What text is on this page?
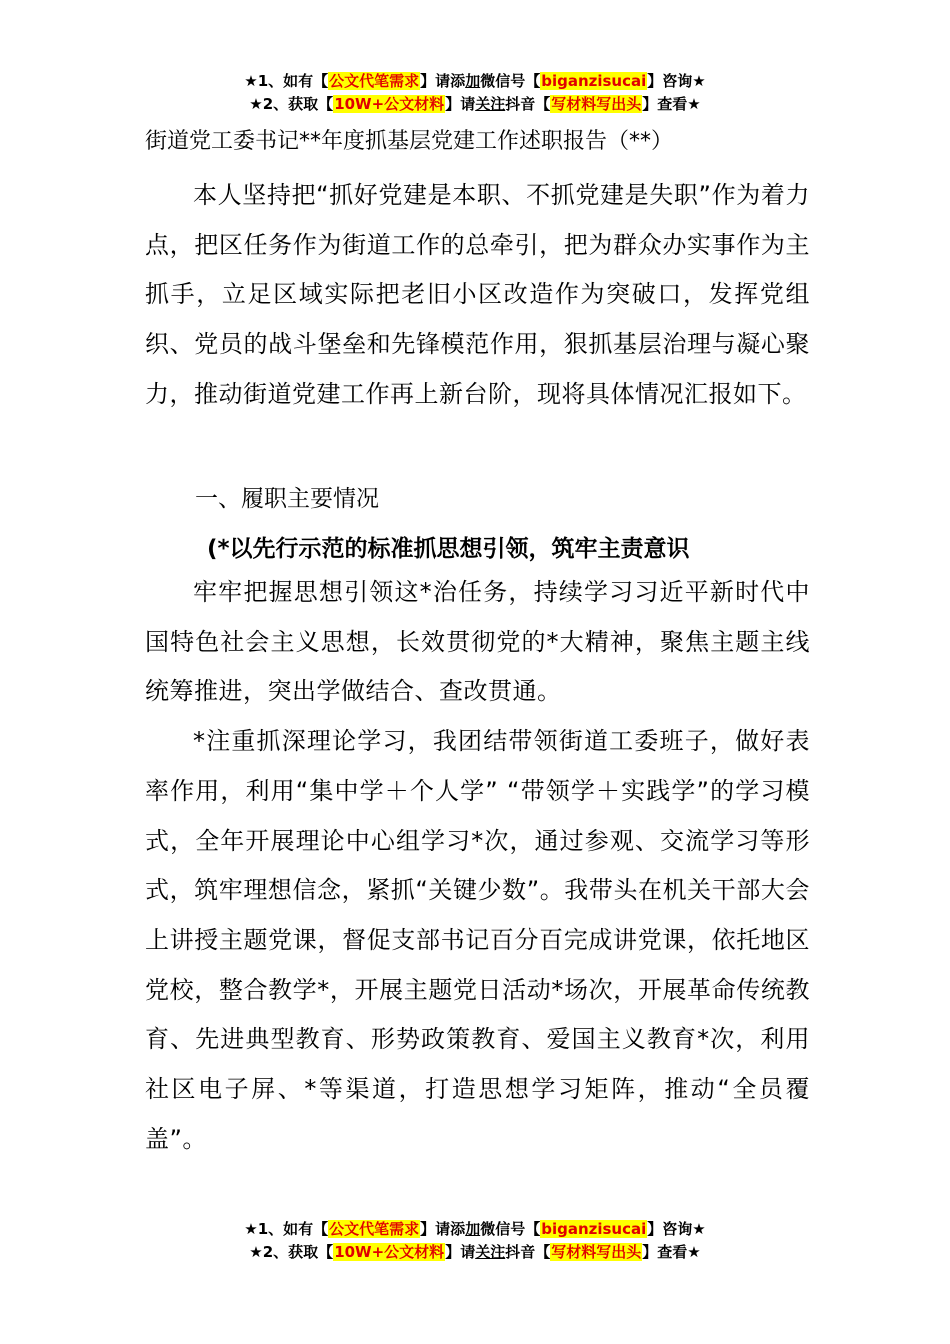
★1、如有【公文代笔需求】请添加微信号【biganzisucai】咨询★
★2、获取【10W+公文材料】请关注抖音【写材料写出头】查看★
街道党工委书记**年度抓基层党建工作述职报告（**）

本人坚持把“抓好党建是本职、不抓党建是失职”作为着力点，把区任务作为街道工作的总牵引，把为群众办实事作为主抓手，立足区域实际把老旧小区改造作为突破口，发挥党组织、党员的战斗堡垒和先锋模范作用，狠抓基层治理与凝心聚力，推动街道党建工作再上新台阶，现将具体情况汇报如下。

一、履职主要情况
(*以先行示范的标准抓思想引领，筑牢主责意识

牢牢把握思想引领这*治任务，持续学习习近平新时代中国特色社会主义思想，长效贯彻党的*大精神，聚焦主题主线统筹推进，突出学做结合、查改贯通。

*注重抓深理论学习，我团结带领街道工委班子，做好表率作用，利用“集中学＋个人学” “带领学＋实践学”的学习模式，全年开展理论中心组学习*次，通过参观、交流学习等形式，筑牢理想信念，紧抓“关键少数”。我带头在机关干部大会上讲授主题党课，督促支部书记百分百完成讲党课，依托地区党校，整合教学*，开展主题党日活动*场次，开展革命传统教育、先进典型教育、形势政策教育、爱国主义教育*次，利用社区电子屏、*等渠道，打造思想学习矩阵，推动“全员覆盖”。

★1、如有【公文代笔需求】请添加微信号【biganzisucai】咨询★
★2、获取【10W+公文材料】请关注抖音【写材料写出头】查看★
